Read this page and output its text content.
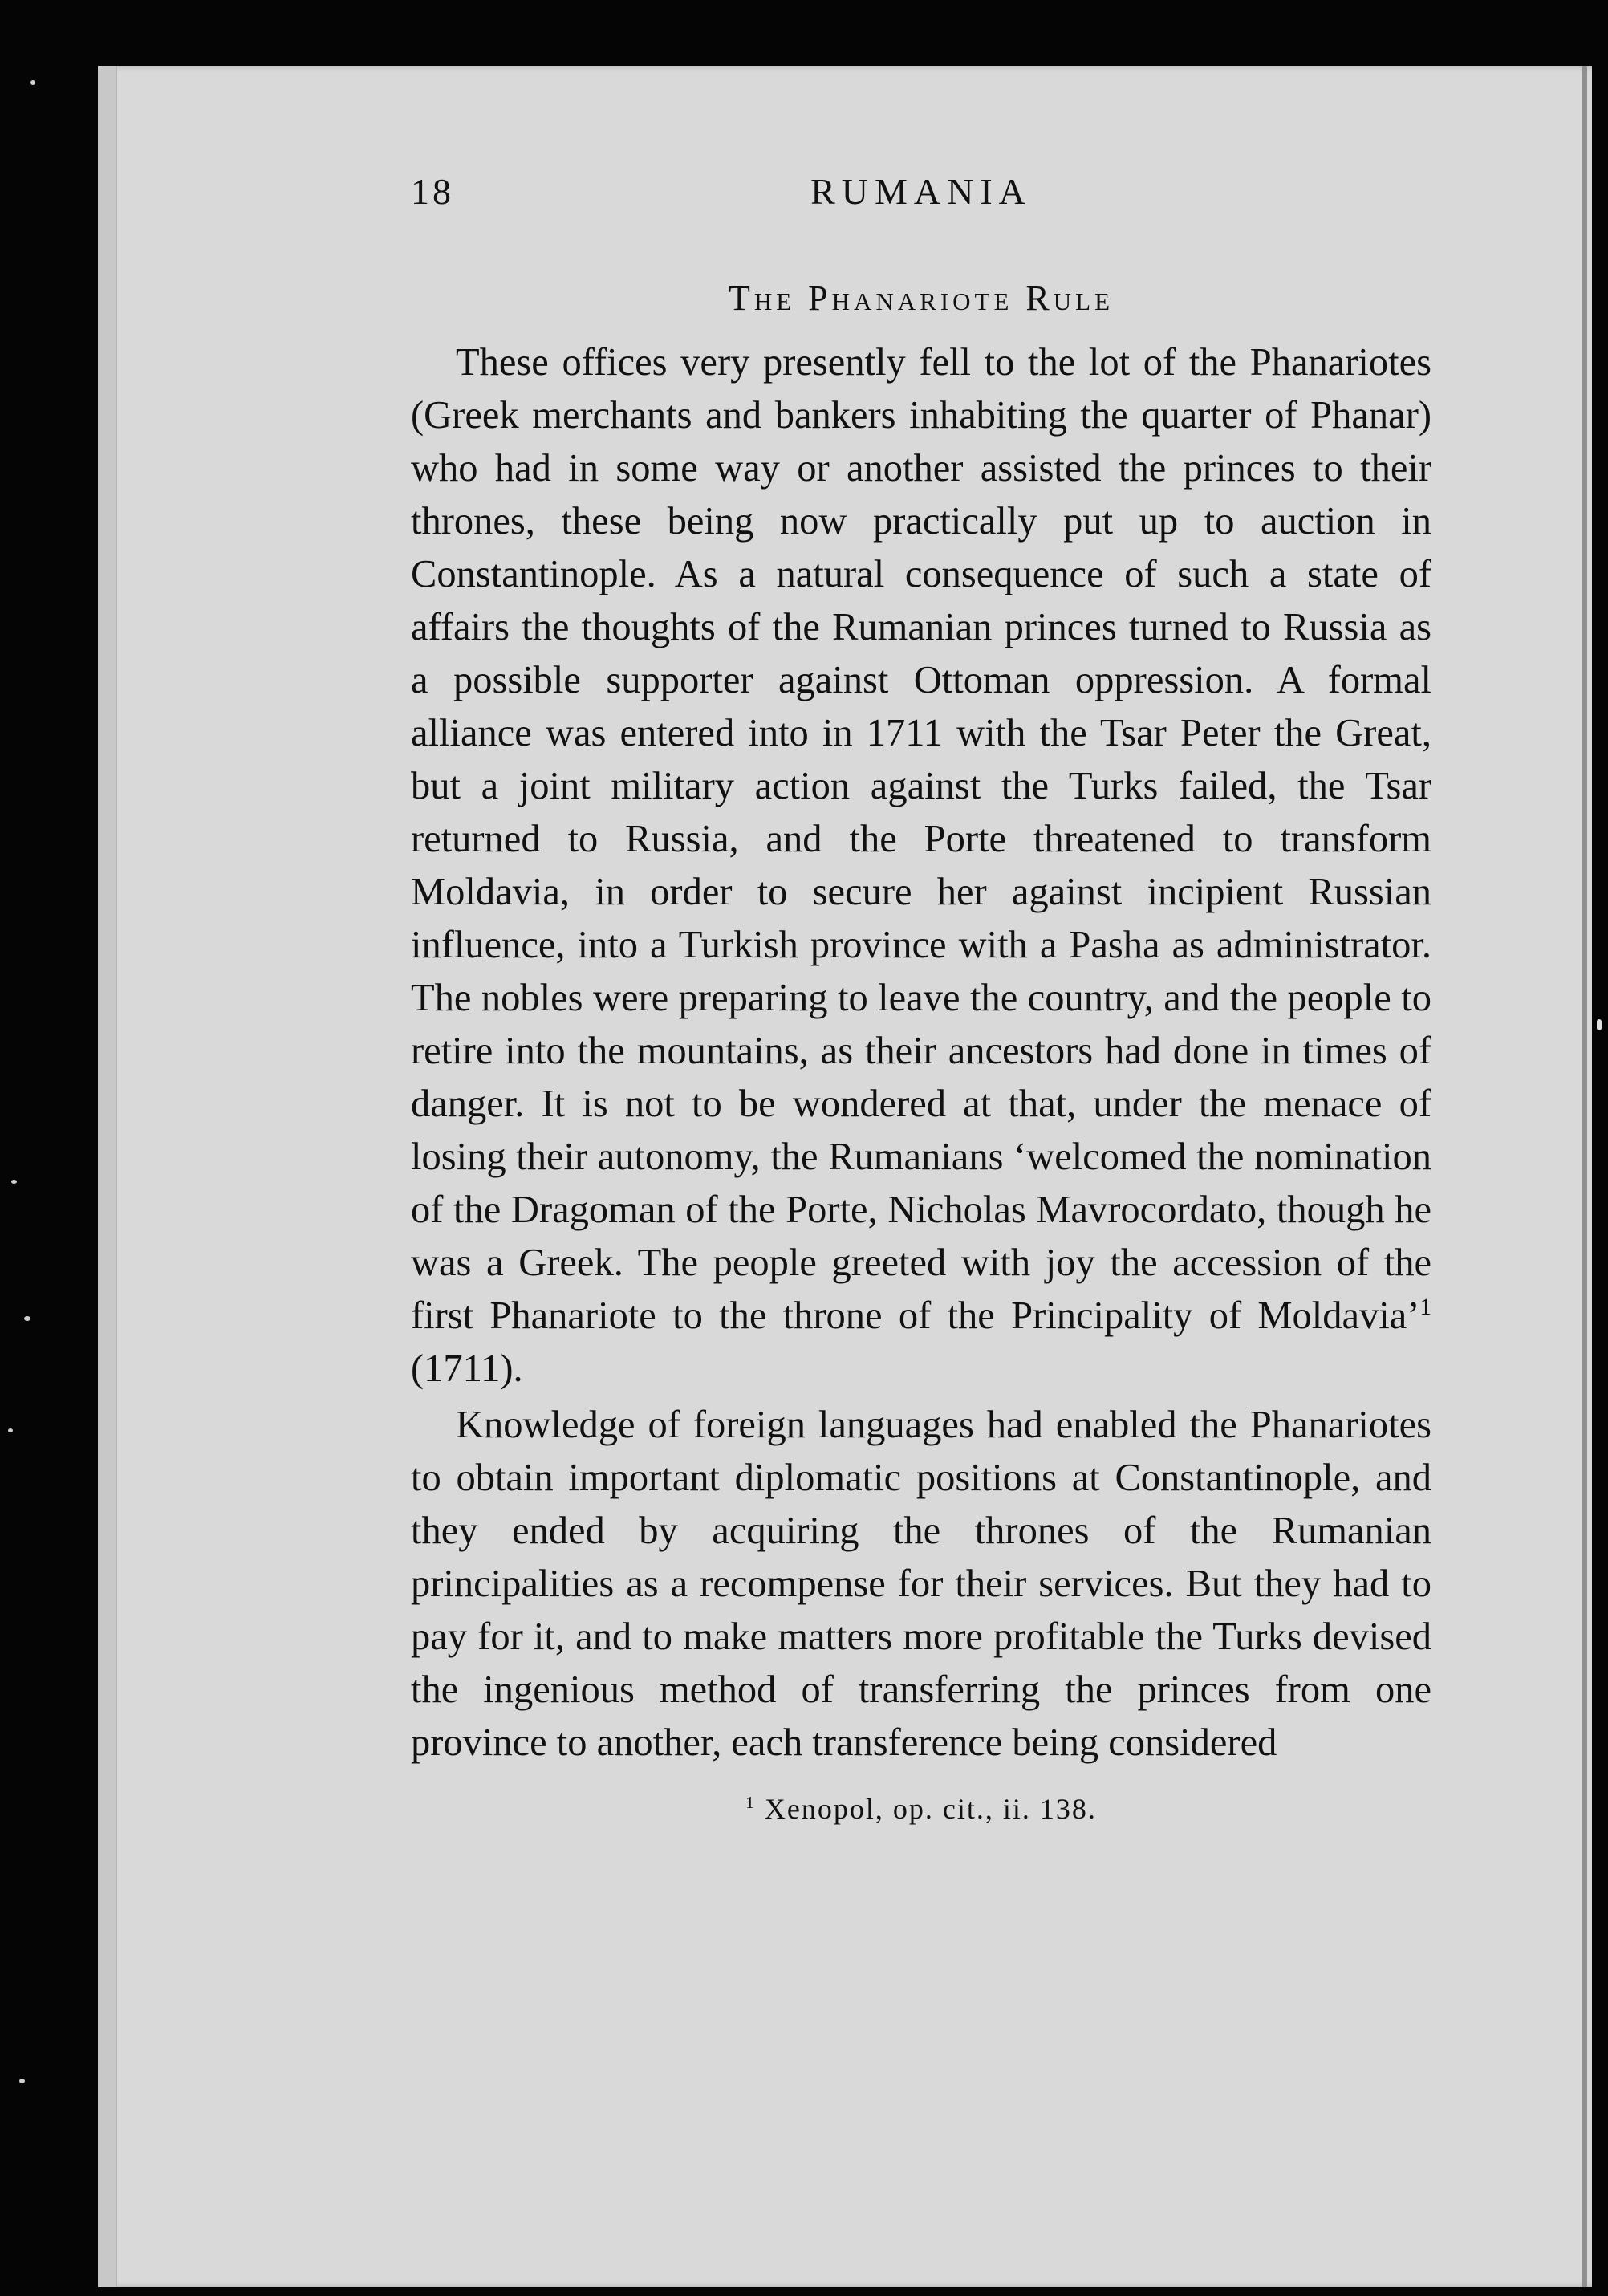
18	RUMANIA
The Phanariote Rule

These offices very presently fell to the lot of the Phanariotes (Greek merchants and bankers inhabiting the quarter of Phanar) who had in some way or another assisted the princes to their thrones, these being now practically put up to auction in Constantinople. As a natural consequence of such a state of affairs the thoughts of the Rumanian princes turned to Russia as a possible supporter against Ottoman oppression. A formal alliance was entered into in 1711 with the Tsar Peter the Great, but a joint military action against the Turks failed, the Tsar returned to Russia, and the Porte threatened to transform Moldavia, in order to secure her against incipient Russian influence, into a Turkish province with a Pasha as administrator. The nobles were preparing to leave the country, and the people to retire into the mountains, as their ancestors had done in times of danger. It is not to be wondered at that, under the menace of losing their autonomy, the Rumanians ‘welcomed the nomination of the Dragoman of the Porte, Nicholas Mavrocordato, though he was a Greek. The people greeted with joy the accession of the first Phanariote to the throne of the Principality of Moldavia’$^1$ (1711).

Knowledge of foreign languages had enabled the Phanariotes to obtain important diplomatic positions at Constantinople, and they ended by acquiring the thrones of the Rumanian principalities as a recompense for their services. But they had to pay for it, and to make matters more profitable the Turks devised the ingenious method of transferring the princes from one province to another, each transference being considered

$^1$ Xenopol, op. cit., ii. 138.
